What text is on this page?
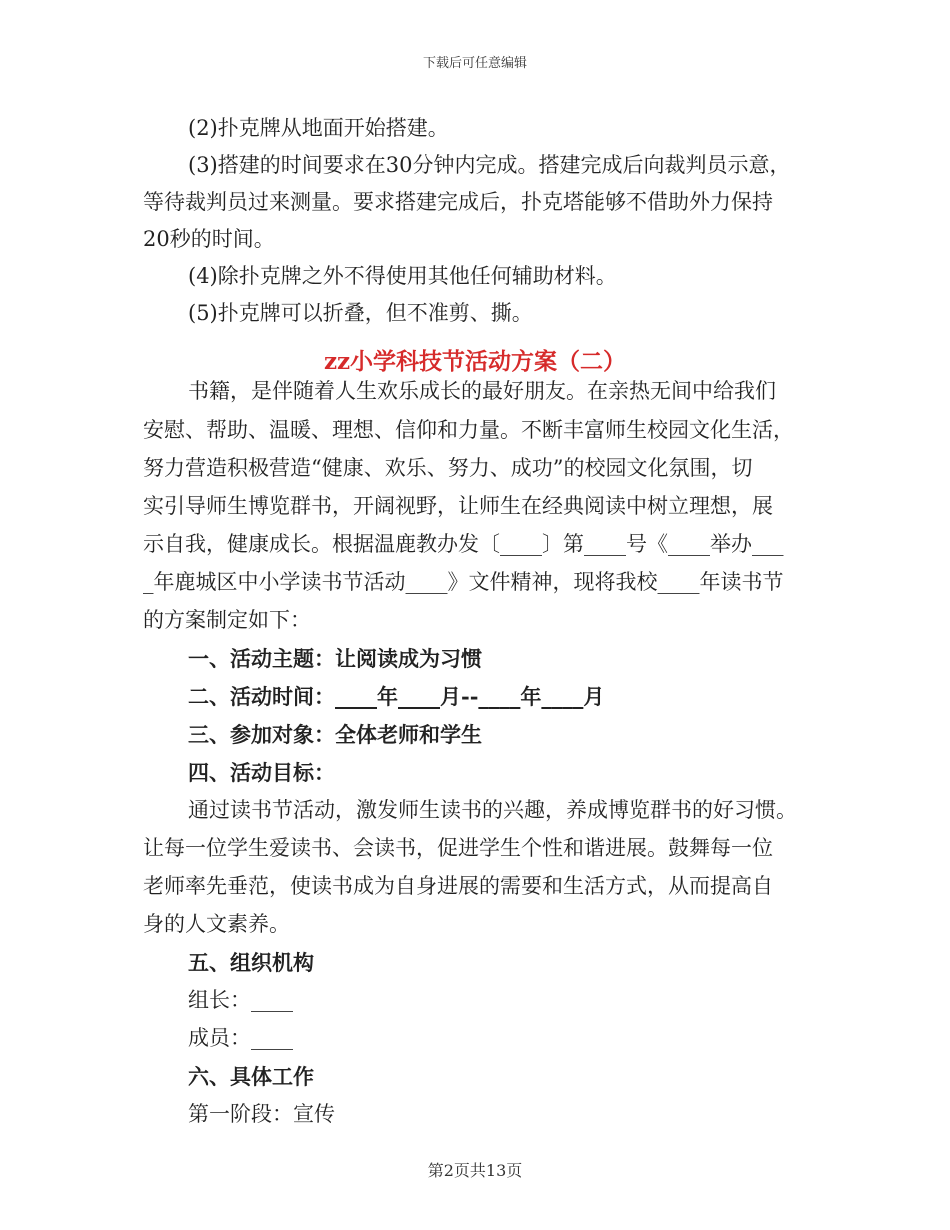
下载后可任意编辑
(2)扑克牌从地面开始搭建。
(3)搭建的时间要求在30分钟内完成。搭建完成后向裁判员示意，
等待裁判员过来测量。要求搭建完成后，扑克塔能够不借助外力保持
20秒的时间。
(4)除扑克牌之外不得使用其他任何辅助材料。
(5)扑克牌可以折叠，但不准剪、撕。
zz小学科技节活动方案（二）
书籍，是伴随着人生欢乐成长的最好朋友。在亲热无间中给我们
安慰、帮助、温暖、理想、信仰和力量。不断丰富师生校园文化生活，
努力营造积极营造“健康、欢乐、努力、成功”的校园文化氛围，切
实引导师生博览群书，开阔视野，让师生在经典阅读中树立理想，展
示自我，健康成长。根据温鹿教办发〔____〕第____号《____举办___
_年鹿城区中小学读书节活动____》文件精神，现将我校____年读书节
的方案制定如下：
一、活动主题：让阅读成为习惯
二、活动时间：____年____月--____年____月
三、参加对象：全体老师和学生
四、活动目标：
通过读书节活动，激发师生读书的兴趣，养成博览群书的好习惯。
让每一位学生爱读书、会读书，促进学生个性和谐进展。鼓舞每一位
老师率先垂范，使读书成为自身进展的需要和生活方式，从而提高自
身的人文素养。
五、组织机构
组长：____
成员：____
六、具体工作
第一阶段：宣传
第2页共13页
